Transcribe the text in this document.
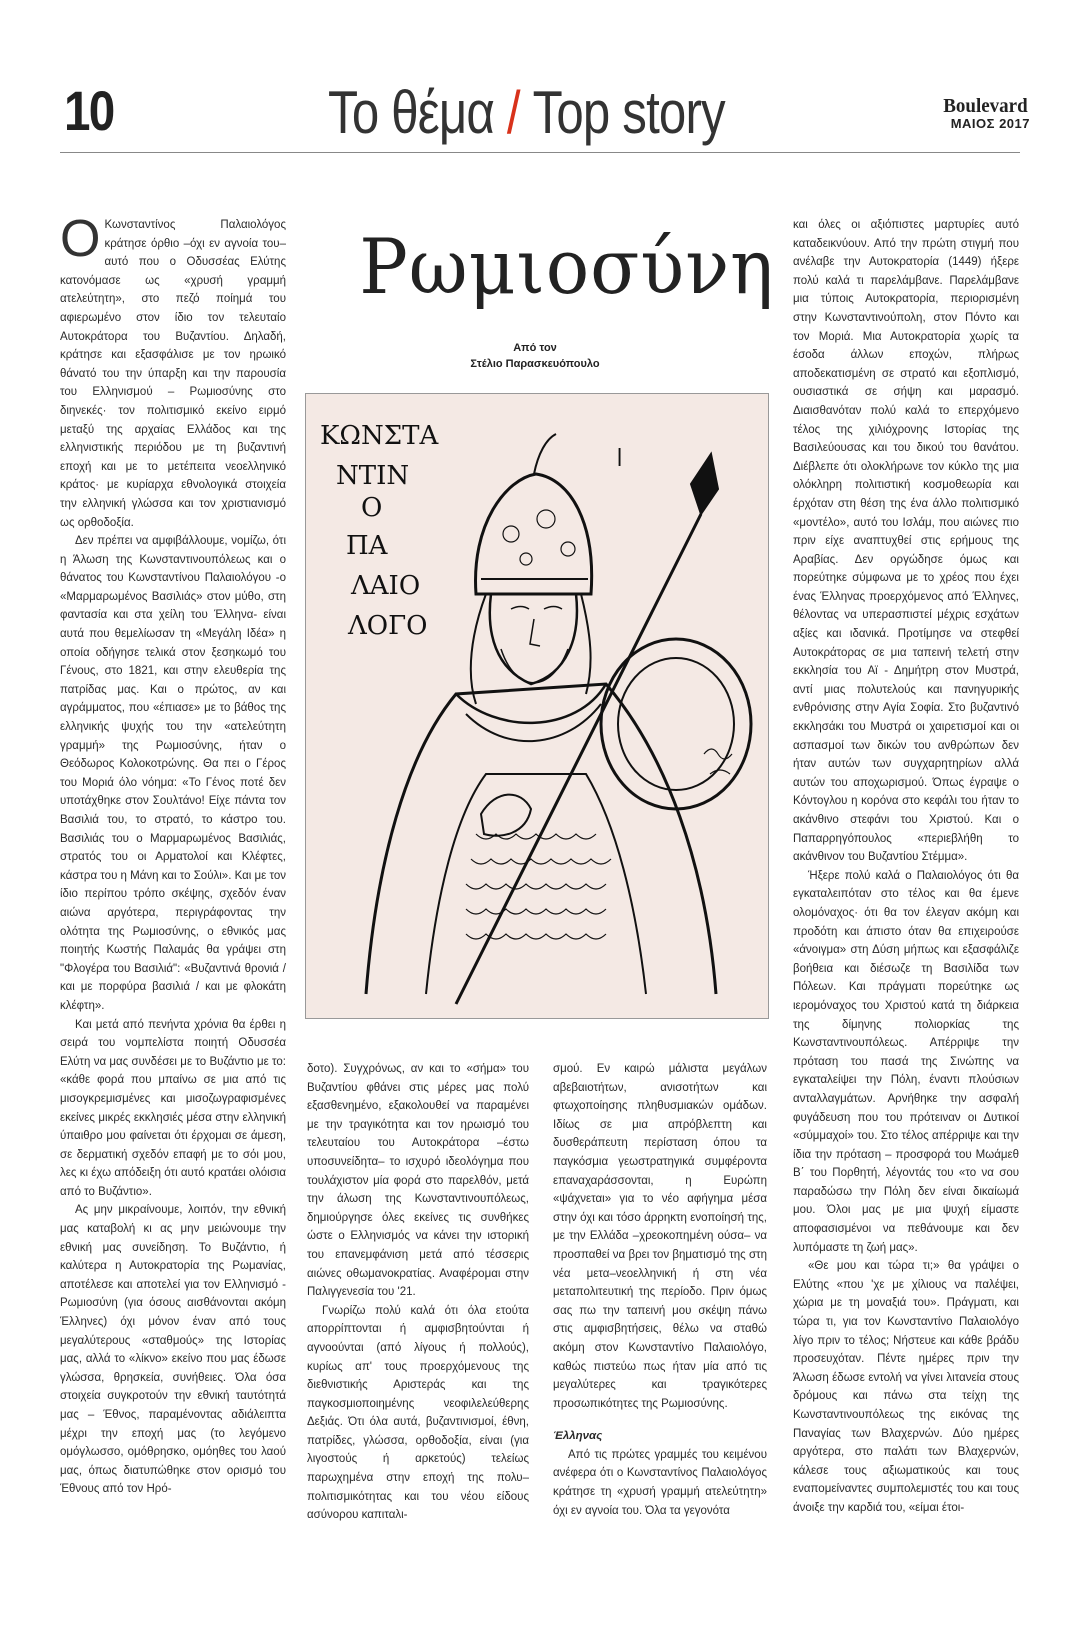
10	Το θέμα / Top story	Boulevard
ΜΑΙΟΣ 2017

Ο Κωνσταντίνος Παλαιολόγος κράτησε όρθιο –όχι εν αγνοία του– αυτό που ο Οδυσσέας Ελύτης κατονόμασε ως «χρυσή γραμμή ατελεύτητη», στο πεζό ποίημά του αφιερωμένο στον ίδιο τον τελευταίο Αυτοκράτορα του Βυζαντίου. Δηλαδή, κράτησε και εξασφάλισε με τον ηρωικό θάνατό του την ύπαρξη και την παρουσία του Ελληνισμού – Ρωμιοσύνης στο διηνεκές· τον πολιτισμικό εκείνο ειρμό μεταξύ της αρχαίας Ελλάδος και της ελληνιστικής περιόδου με τη βυζαντινή εποχή και με το μετέπειτα νεοελληνικό κράτος· με κυρίαρχα εθνολογικά στοιχεία την ελληνική γλώσσα και τον χριστιανισμό ως ορθοδοξία.

Δεν πρέπει να αμφιβάλλουμε, νομίζω, ότι η Άλωση της Κωνσταντινουπόλεως και ο θάνατος του Κωνσταντίνου Παλαιολόγου -ο «Μαρμαρωμένος Βασιλιάς» στον μύθο, στη φαντασία και στα χείλη του Έλληνα- είναι αυτά που θεμελίωσαν τη «Μεγάλη Ιδέα» η οποία οδήγησε τελικά στον ξεσηκωμό του Γένους, στο 1821, και στην ελευθερία της πατρίδας μας. Και ο πρώτος, αν και αγράμματος, που «έπιασε» με το βάθος της ελληνικής ψυχής του την «ατελεύτητη γραμμή» της Ρωμιοσύνης, ήταν ο Θεόδωρος Κολοκοτρώνης. Θα πει ο Γέρος του Μοριά όλο νόημα: «Το Γένος ποτέ δεν υποτάχθηκε στον Σουλτάνο! Είχε πάντα τον Βασιλιά του, το στρατό, το κάστρο του. Βασιλιάς του ο Μαρμαρωμένος Βασιλιάς, στρατός του οι Αρματολοί και Κλέφτες, κάστρα του η Μάνη και το Σούλι». Και με τον ίδιο περίπου τρόπο σκέψης, σχεδόν έναν αιώνα αργότερα, περιγράφοντας την ολότητα της Ρωμιοσύνης, ο εθνικός μας ποιητής Κωστής Παλαμάς θα γράψει στη "Φλογέρα του Βασιλιά": «Βυζαντινά θρονιά / και με πορφύρα βασιλιά / και με φλοκάτη κλέφτη».

Και μετά από πενήντα χρόνια θα έρθει η σειρά του νομπελίστα ποιητή Οδυσσέα Ελύτη να μας συνδέσει με το Βυζάντιο με το: «κάθε φορά που μπαίνω σε μια από τις μισογκρεμισμένες και μισοζωγραφισμένες εκείνες μικρές εκκλησιές μέσα στην ελληνική ύπαιθρο μου φαίνεται ότι έρχομαι σε άμεση, σε δερματική σχεδόν επαφή με το σόι μου, λες κι έχω απόδειξη ότι αυτό κρατάει ολόισια από το Βυζάντιο».

Ας μην μικραίνουμε, λοιπόν, την εθνική μας καταβολή κι ας μην μειώνουμε την εθνική μας συνείδηση. Το Βυζάντιο, ή καλύτερα η Αυτοκρατορία της Ρωμανίας, αποτέλεσε και αποτελεί για τον Ελληνισμό - Ρωμιοσύνη (για όσους αισθάνονται ακόμη Έλληνες) όχι μόνον έναν από τους μεγαλύτερους «σταθμούς» της Ιστορίας μας, αλλά το «λίκνο» εκείνο που μας έδωσε γλώσσα, θρησκεία, συνήθειες. Όλα όσα στοιχεία συγκροτούν την εθνική ταυτότητά μας – Έθνος, παραμένοντας αδιάλειπτα μέχρι την εποχή μας (το λεγόμενο ομόγλωσσο, ομόθρησκο, ομόηθες του λαού μας, όπως διατυπώθηκε στον ορισμό του Έθνους από τον Ηρό-

Ρωμιοσύνη
Από τον
Στέλιο Παρασκευόπουλο
ΚΩΝΣΤΑ
ΝΤΙΝ
Ο
ΠΑ
ΛΑΙΟ
ΛΟΓΟ
ǀ

δοτο). Συγχρόνως, αν και το «σήμα» του Βυζαντίου φθάνει στις μέρες μας πολύ εξασθενημένο, εξακολουθεί να παραμένει με την τραγικότητα και τον ηρωισμό του τελευταίου του Αυτοκράτορα –έστω υποσυνείδητα– το ισχυρό ιδεολόγημα που τουλάχιστον μία φορά στο παρελθόν, μετά την άλωση της Κωνσταντινουπόλεως, δημιούργησε όλες εκείνες τις συνθήκες ώστε ο Ελληνισμός να κάνει την ιστορική του επανεμφάνιση μετά από τέσσερις αιώνες οθωμανοκρατίας. Αναφέρομαι στην Παλιγγενεσία του '21.

Γνωρίζω πολύ καλά ότι όλα ετούτα απορρίπτονται ή αμφισβητούνται ή αγνοούνται (από λίγους ή πολλούς), κυρίως απ' τους προερχόμενους της διεθνιστικής Αριστεράς και της παγκοσμιοποιημένης νεοφιλελεύθερης Δεξιάς. Ότι όλα αυτά, βυζαντινισμοί, έθνη, πατρίδες, γλώσσα, ορθοδοξία, είναι (για λιγοστούς ή αρκετούς) τελείως παρωχημένα στην εποχή της πολυ–πολιτισμικότητας και του νέου είδους ασύνορου καπιταλι-

σμού. Εν καιρώ μάλιστα μεγάλων αβεβαιοτήτων, ανισοτήτων και φτωχοποίησης πληθυσμιακών ομάδων. Ιδίως σε μια απρόβλεπτη και δυσθεράπευτη περίσταση όπου τα παγκόσμια γεωστρατηγικά συμφέροντα επαναχαράσσονται, η Ευρώπη «ψάχνεται» για το νέο αφήγημα μέσα στην όχι και τόσο άρρηκτη ενοποίησή της, με την Ελλάδα –χρεοκοπημένη ούσα– να προσπαθεί να βρει τον βηματισμό της στη νέα μετα–νεοελληνική ή στη νέα μεταπολιτευτική της περίοδο. Πριν όμως σας πω την ταπεινή μου σκέψη πάνω στις αμφισβητήσεις, θέλω να σταθώ ακόμη στον Κωνσταντίνο Παλαιολόγο, καθώς πιστεύω πως ήταν μία από τις μεγαλύτερες και τραγικότερες προσωπικότητες της Ρωμιοσύνης.

Έλληνας

Από τις πρώτες γραμμές του κειμένου ανέφερα ότι ο Κωνσταντίνος Παλαιολόγος κράτησε τη «χρυσή γραμμή ατελεύτητη» όχι εν αγνοία του. Όλα τα γεγονότα

και όλες οι αξιόπιστες μαρτυρίες αυτό καταδεικνύουν. Από την πρώτη στιγμή που ανέλαβε την Αυτοκρατορία (1449) ήξερε πολύ καλά τι παρελάμβανε. Παρελάμβανε μια τύποις Αυτοκρατορία, περιορισμένη στην Κωνσταντινούπολη, στον Πόντο και τον Μοριά. Μια Αυτοκρατορία χωρίς τα έσοδα άλλων εποχών, πλήρως αποδεκατισμένη σε στρατό και εξοπλισμό, ουσιαστικά σε σήψη και μαρασμό. Διαισθανόταν πολύ καλά το επερχόμενο τέλος της χιλιόχρονης Ιστορίας της Βασιλεύουσας και του δικού του θανάτου. Διέβλεπε ότι ολοκλήρωνε τον κύκλο της μια ολόκληρη πολιτιστική κοσμοθεωρία και έρχόταν στη θέση της ένα άλλο πολιτισμικό «μοντέλο», αυτό του Ισλάμ, που αιώνες πιο πριν είχε αναπτυχθεί στις ερήμους της Αραβίας. Δεν οργώδησε όμως και πορεύτηκε σύμφωνα με το χρέος που έχει ένας Έλληνας προερχόμενος από Έλληνες, θέλοντας να υπερασπιστεί μέχρις εσχάτων αξίες και ιδανικά. Προτίμησε να στεφθεί Αυτοκράτορας σε μια ταπεινή τελετή στην εκκλησία του Αϊ - Δημήτρη στον Μυστρά, αντί μιας πολυτελούς και πανηγυρικής ενθρόνισης στην Αγία Σοφία. Στο βυζαντινό εκκλησάκι του Μυστρά οι χαιρετισμοί και οι ασπασμοί των δικών του ανθρώπων δεν ήταν αυτών των συγχαρητηρίων αλλά αυτών του αποχωρισμού. Όπως έγραψε ο Κόντογλου η κορόνα στο κεφάλι του ήταν το ακάνθινο στεφάνι του Χριστού. Και ο Παπαρρηγόπουλος «περιεβλήθη το ακάνθινον του Βυζαντίου Στέμμα».

Ήξερε πολύ καλά ο Παλαιολόγος ότι θα εγκαταλειπόταν στο τέλος και θα έμενε ολομόναχος· ότι θα τον έλεγαν ακόμη και προδότη και άπιστο όταν θα επιχειρούσε «άνοιγμα» στη Δύση μήπως και εξασφάλιζε βοήθεια και διέσωζε τη Βασιλίδα των Πόλεων. Και πράγματι πορεύτηκε ως ιερομόναχος του Χριστού κατά τη διάρκεια της δίμηνης πολιορκίας της Κωνσταντινουπόλεως. Απέρριψε την πρόταση του πασά της Σινώπης να εγκαταλείψει την Πόλη, έναντι πλούσιων ανταλλαγμάτων. Αρνήθηκε την ασφαλή φυγάδευση που του πρότειναν οι Δυτικοί «σύμμαχοί» του. Στο τέλος απέρριψε και την ίδια την πρόταση – προσφορά του Μωάμεθ Β΄ του Πορθητή, λέγοντάς του «το να σου παραδώσω την Πόλη δεν είναι δικαίωμά μου. Όλοι μας με μια ψυχή είμαστε αποφασισμένοι να πεθάνουμε και δεν λυπόμαστε τη ζωή μας».

«Θε μου και τώρα τι;» θα γράψει ο Ελύτης «που 'χε με χίλιους να παλέψει, χώρια με τη μοναξιά του». Πράγματι, και τώρα τι, για τον Κωνσταντίνο Παλαιολόγο λίγο πριν το τέλος; Νήστευε και κάθε βράδυ προσευχόταν. Πέντε ημέρες πριν την Άλωση έδωσε εντολή να γίνει λιτανεία στους δρόμους και πάνω στα τείχη της Κωνσταντινουπόλεως της εικόνας της Παναγίας των Βλαχερνών. Δύο ημέρες αργότερα, στο παλάτι των Βλαχερνών, κάλεσε τους αξιωματικούς και τους εναπομείναντες συμπολεμιστές του και τους άνοιξε την καρδιά του, «είμαι έτοι-
